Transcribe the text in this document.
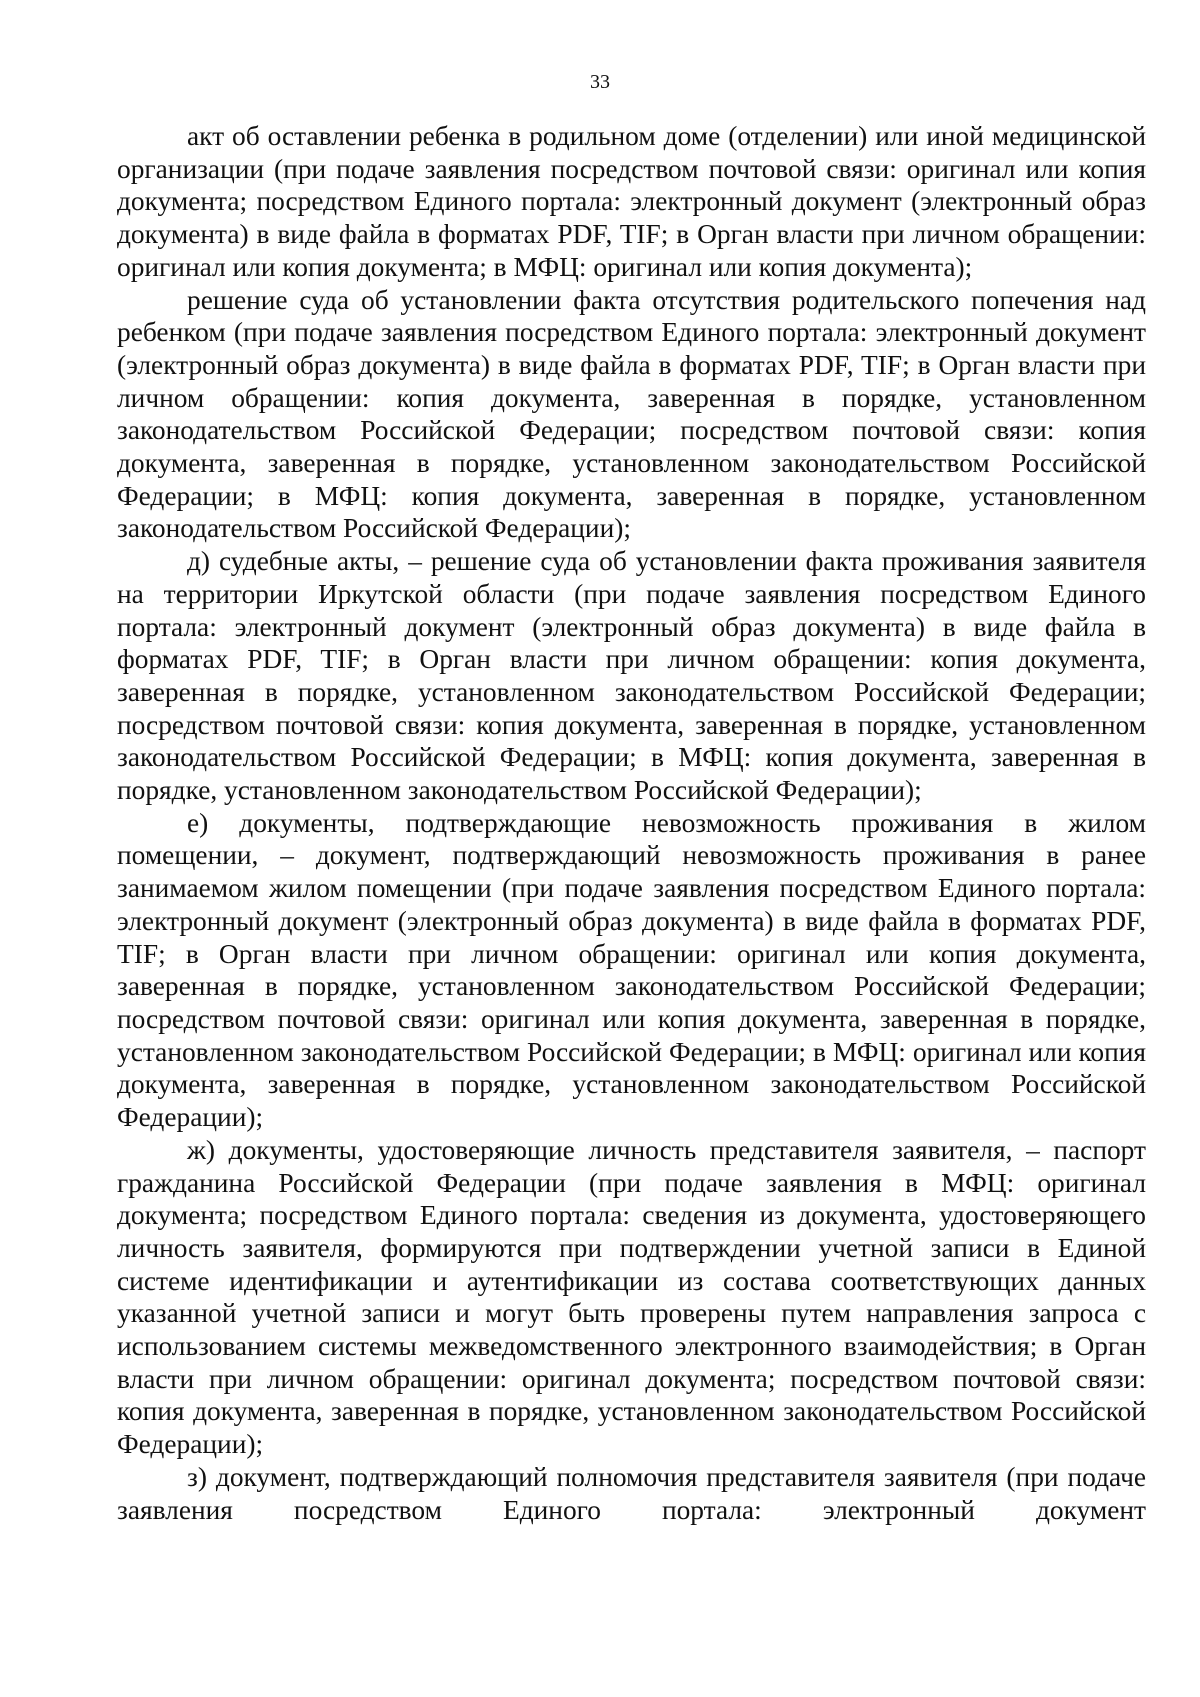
33

акт об оставлении ребенка в родильном доме (отделении) или иной медицинской организации (при подаче заявления посредством почтовой связи: оригинал или копия документа; посредством Единого портала: электронный документ (электронный образ документа) в виде файла в форматах PDF, TIF; в Орган власти при личном обращении: оригинал или копия документа; в МФЦ: оригинал или копия документа);

решение суда об установлении факта отсутствия родительского попечения над ребенком (при подаче заявления посредством Единого портала: электронный документ (электронный образ документа) в виде файла в форматах PDF, TIF; в Орган власти при личном обращении: копия документа, заверенная в порядке, установленном законодательством Российской Федерации; посредством почтовой связи: копия документа, заверенная в порядке, установленном законодательством Российской Федерации; в МФЦ: копия документа, заверенная в порядке, установленном законодательством Российской Федерации);

д) судебные акты, – решение суда об установлении факта проживания заявителя на территории Иркутской области (при подаче заявления посредством Единого портала: электронный документ (электронный образ документа) в виде файла в форматах PDF, TIF; в Орган власти при личном обращении: копия документа, заверенная в порядке, установленном законодательством Российской Федерации; посредством почтовой связи: копия документа, заверенная в порядке, установленном законодательством Российской Федерации; в МФЦ: копия документа, заверенная в порядке, установленном законодательством Российской Федерации);

е) документы, подтверждающие невозможность проживания в жилом помещении, – документ, подтверждающий невозможность проживания в ранее занимаемом жилом помещении (при подаче заявления посредством Единого портала: электронный документ (электронный образ документа) в виде файла в форматах PDF, TIF; в Орган власти при личном обращении: оригинал или копия документа, заверенная в порядке, установленном законодательством Российской Федерации; посредством почтовой связи: оригинал или копия документа, заверенная в порядке, установленном законодательством Российской Федерации; в МФЦ: оригинал или копия документа, заверенная в порядке, установленном законодательством Российской Федерации);

ж) документы, удостоверяющие личность представителя заявителя, – паспорт гражданина Российской Федерации (при подаче заявления в МФЦ: оригинал документа; посредством Единого портала: сведения из документа, удостоверяющего личность заявителя, формируются при подтверждении учетной записи в Единой системе идентификации и аутентификации из состава соответствующих данных указанной учетной записи и могут быть проверены путем направления запроса с использованием системы межведомственного электронного взаимодействия; в Орган власти при личном обращении: оригинал документа; посредством почтовой связи: копия документа, заверенная в порядке, установленном законодательством Российской Федерации);

з) документ, подтверждающий полномочия представителя заявителя (при подаче заявления посредством Единого портала: электронный документ
